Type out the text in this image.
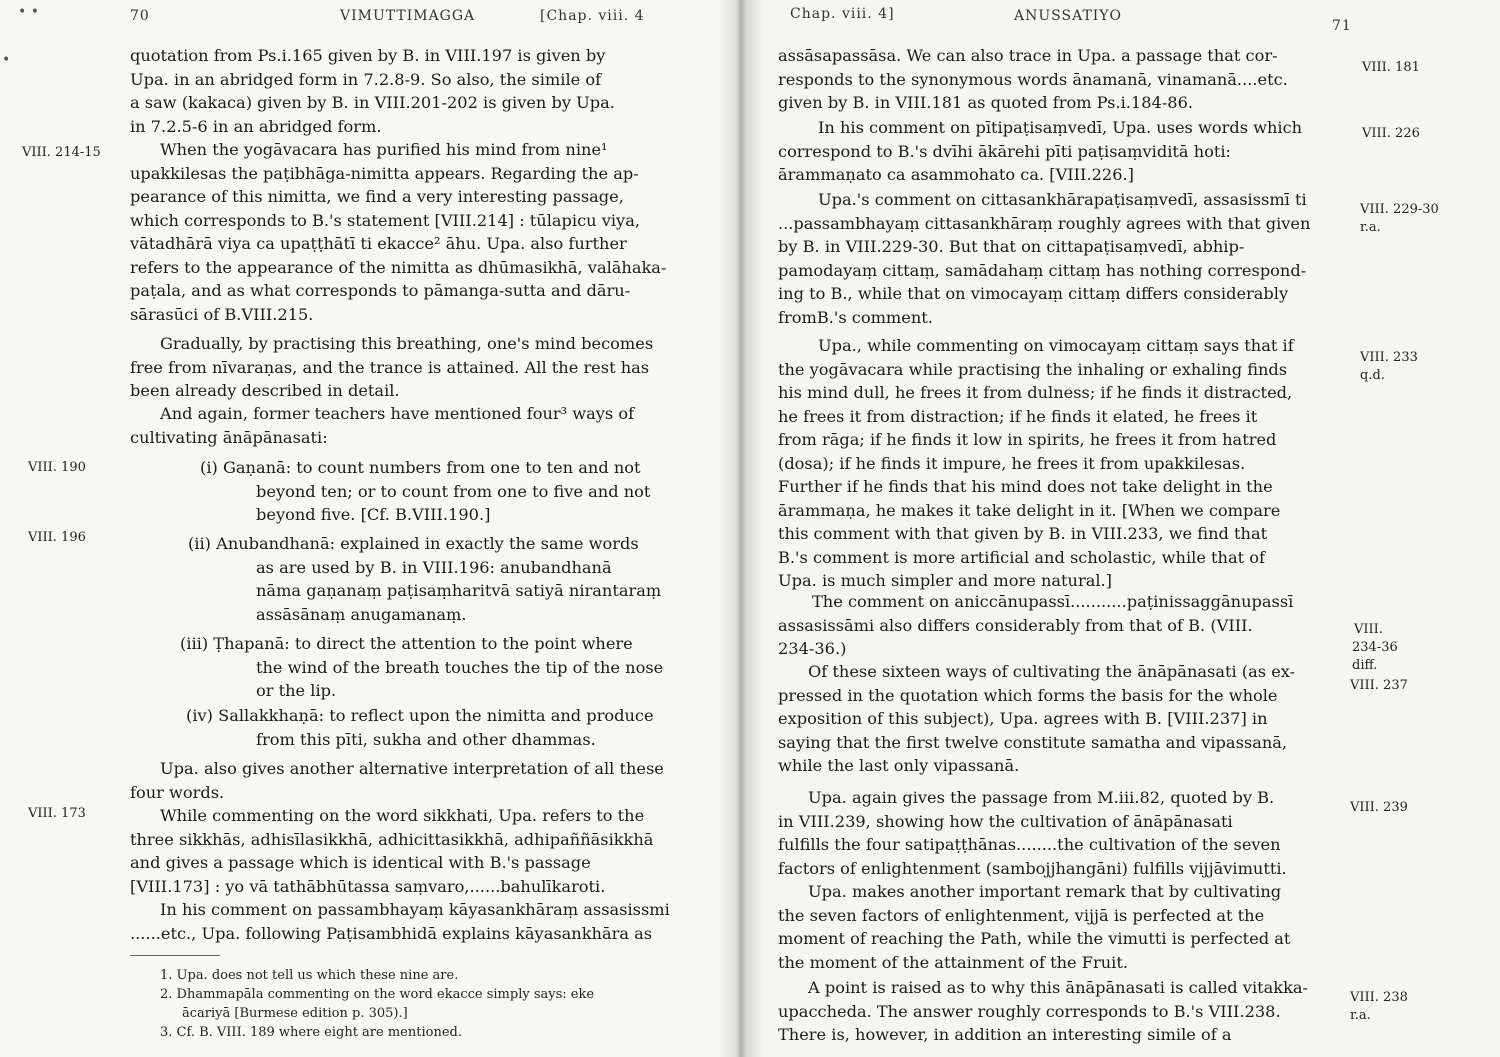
• •
•
70	VIMUTTIMAGGA	[Chap. viii. 4
quotation from Ps.i.165 given by B. in VIII.197 is given by
Upa. in an abridged form in 7.2.8-9. So also, the simile of
a saw (kakaca) given by B. in VIII.201-202 is given by Upa.
in 7.2.5-6 in an abridged form.
VIII. 214-15	When the yogāvacara has purified his mind from nine¹
upakkilesas the paṭibhāga-nimitta appears. Regarding the ap-
pearance of this nimitta, we find a very interesting passage,
which corresponds to B.'s statement [VIII.214] : tūlapicu viya,
vātadhārā viya ca upaṭṭhātī ti ekacce² āhu. Upa. also further
refers to the appearance of the nimitta as dhūmasikhā, valāhaka-
paṭala, and as what corresponds to pāmanga-sutta and dāru-
sārasūci of B.VIII.215.
Gradually, by practising this breathing, one's mind becomes
free from nīvaraṇas, and the trance is attained. All the rest has
been already described in detail.
And again, former teachers have mentioned four³ ways of
cultivating ānāpānasati:
VIII. 190	(i) Gaṇanā: to count numbers from one to ten and not
beyond ten; or to count from one to five and not
beyond five. [Cf. B.VIII.190.]
VIII. 196	(ii) Anubandhanā: explained in exactly the same words
as are used by B. in VIII.196: anubandhanā
nāma gaṇanaṃ paṭisaṃharitvā satiyā nirantaraṃ
assāsānaṃ anugamanaṃ.
(iii) Ṭhapanā: to direct the attention to the point where
the wind of the breath touches the tip of the nose
or the lip.
(iv) Sallakkhaṇā: to reflect upon the nimitta and produce
from this pīti, sukha and other dhammas.
Upa. also gives another alternative interpretation of all these
four words.
VIII. 173	While commenting on the word sikkhati, Upa. refers to the
three sikkhās, adhisīlasikkhā, adhicittasikkhā, adhipaññāsikkhā
and gives a passage which is identical with B.'s passage
[VIII.173] : yo vā tathābhūtassa saṃvaro,......bahulīkaroti.
In his comment on passambhayaṃ kāyasankhāraṃ assasissmi
......etc., Upa. following Paṭisambhidā explains kāyasankhāra as
1. Upa. does not tell us which these nine are.
2. Dhammapāla commenting on the word ekacce simply says: eke
ācariyā [Burmese edition p. 305).]
3. Cf. B. VIII. 189 where eight are mentioned.
Chap. viii. 4]	ANUSSATIYO
71
assāsapassāsa. We can also trace in Upa. a passage that cor-
responds to the synonymous words ānamanā, vinamanā....etc.
given by B. in VIII.181 as quoted from Ps.i.184-86.
VIII. 181
In his comment on pītipaṭisaṃvedī, Upa. uses words which
correspond to B.'s dvīhi ākārehi pīti paṭisaṃviditā hoti:
ārammaṇato ca asammohato ca. [VIII.226.]
VIII. 226
Upa.'s comment on cittasankhārapaṭisaṃvedī, assasissmī ti
...passambhayaṃ cittasankhāraṃ roughly agrees with that given
by B. in VIII.229-30. But that on cittapaṭisaṃvedī, abhip-
pamodayaṃ cittaṃ, samādahaṃ cittaṃ has nothing correspond-
ing to B., while that on vimocayaṃ cittaṃ differs considerably
fromB.'s comment.
VIII. 229-30
r.a.
Upa., while commenting on vimocayaṃ cittaṃ says that if
the yogāvacara while practising the inhaling or exhaling finds
his mind dull, he frees it from dulness; if he finds it distracted,
he frees it from distraction; if he finds it elated, he frees it
from rāga; if he finds it low in spirits, he frees it from hatred
(dosa); if he finds it impure, he frees it from upakkilesas.
Further if he finds that his mind does not take delight in the
ārammaṇa, he makes it take delight in it. [When we compare
this comment with that given by B. in VIII.233, we find that
B.'s comment is more artificial and scholastic, while that of
Upa. is much simpler and more natural.]
VIII. 233
q.d.
The comment on aniccānupassī...........paṭinissaggānupassī
assasissāmi also differs considerably from that of B. (VIII.
234-36.)
VIII.
234-36
diff.
Of these sixteen ways of cultivating the ānāpānasati (as ex-
pressed in the quotation which forms the basis for the whole
exposition of this subject), Upa. agrees with B. [VIII.237] in
saying that the first twelve constitute samatha and vipassanā,
while the last only vipassanā.
VIII. 237
Upa. again gives the passage from M.iii.82, quoted by B.
in VIII.239, showing how the cultivation of ānāpānasati
fulfills the four satipaṭṭhānas........the cultivation of the seven
factors of enlightenment (sambojjhangāni) fulfills vijjāvimutti.
VIII. 239
Upa. makes another important remark that by cultivating
the seven factors of enlightenment, vijjā is perfected at the
moment of reaching the Path, while the vimutti is perfected at
the moment of the attainment of the Fruit.
A point is raised as to why this ānāpānasati is called vitakka-
upaccheda. The answer roughly corresponds to B.'s VIII.238.
There is, however, in addition an interesting simile of a
VIII. 238
r.a.
